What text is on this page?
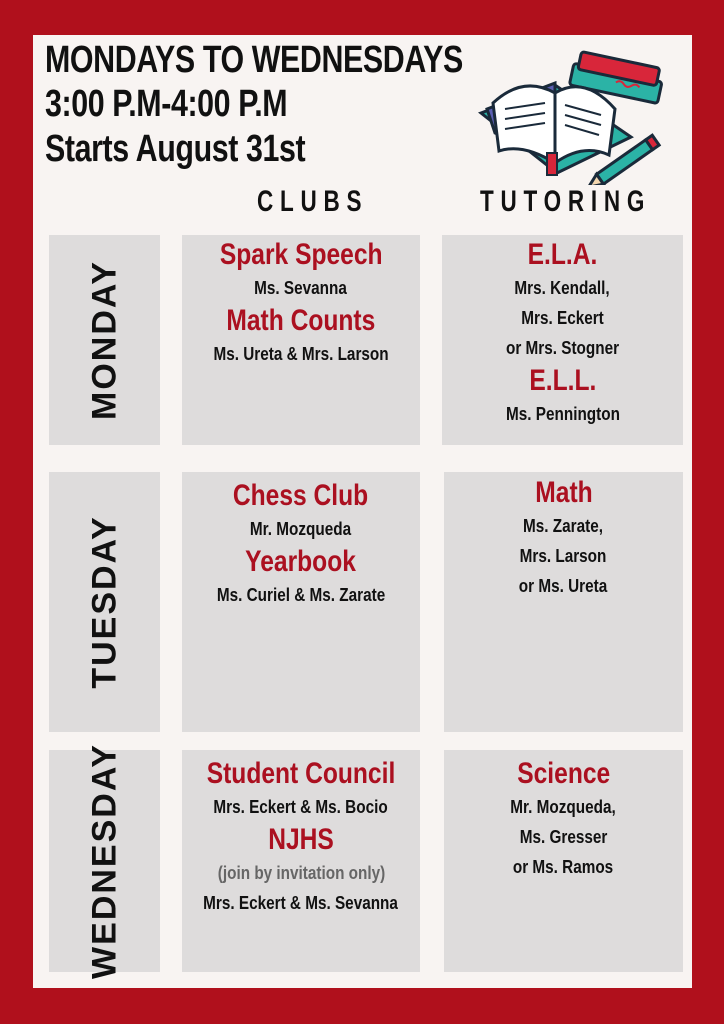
MONDAYS TO WEDNESDAYS
3:00 P.M-4:00 P.M
Starts August 31st
CLUBS	TUTORING
MONDAY
Spark Speech
Ms. Sevanna
Math Counts
Ms. Ureta & Mrs. Larson
E.L.A.
Mrs. Kendall,
Mrs. Eckert
or Mrs. Stogner
E.L.L.
Ms. Pennington
TUESDAY
Chess Club
Mr. Mozqueda
Yearbook
Ms. Curiel & Ms. Zarate
Math
Ms. Zarate,
Mrs. Larson
or Ms. Ureta
WEDNESDAY	Student Council
Mrs. Eckert & Ms. Bocio
NJHS
(join by invitation only)
Mrs. Eckert & Ms. Sevanna
Science
Mr. Mozqueda,
Ms. Gresser
or Ms. Ramos
